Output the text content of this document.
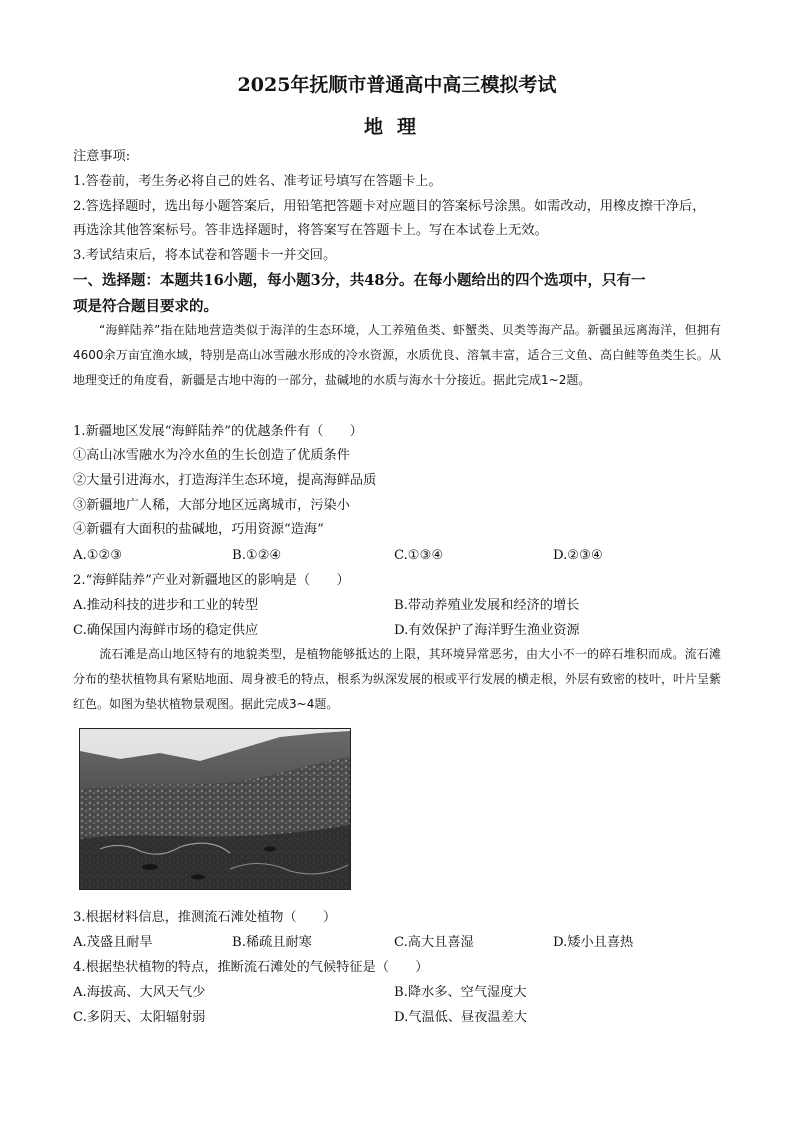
2025年抚顺市普通高中高三模拟考试
地理
注意事项:
1.答卷前，考生务必将自己的姓名、准考证号填写在答题卡上。
2.答选择题时，选出每小题答案后，用铅笔把答题卡对应题目的答案标号涂黑。如需改动，用橡皮擦干净后，
再选涂其他答案标号。答非选择题时，将答案写在答题卡上。写在本试卷上无效。
3.考试结束后，将本试卷和答题卡一并交回。
一、选择题：本题共16小题，每小题3分，共48分。在每小题给出的四个选项中，只有一
项是符合题目要求的。
“海鲜陆养”指在陆地营造类似于海洋的生态环境，人工养殖鱼类、虾蟹类、贝类等海产品。新疆虽远离海洋，但拥有4600余万亩宜渔水域，特别是高山冰雪融水形成的冷水资源，水质优良、溶氧丰富，适合三文鱼、高白鲑等鱼类生长。从地理变迁的角度看，新疆是古地中海的一部分，盐碱地的水质与海水十分接近。据此完成1~2题。
1.新疆地区发展“海鲜陆养”的优越条件有（　　）
①高山冰雪融水为冷水鱼的生长创造了优质条件
②大量引进海水，打造海洋生态环境，提高海鲜品质
③新疆地广人稀，大部分地区远离城市，污染小
④新疆有大面积的盐碱地，巧用资源“造海”
A.①②③	B.①②④	C.①③④	D.②③④
2.“海鲜陆养”产业对新疆地区的影响是（　　）
A.推动科技的进步和工业的转型	B.带动养殖业发展和经济的增长
C.确保国内海鲜市场的稳定供应	D.有效保护了海洋野生渔业资源
流石滩是高山地区特有的地貌类型，是植物能够抵达的上限，其环境异常恶劣，由大小不一的碎石堆积而成。流石滩分布的垫状植物具有紧贴地面、周身被毛的特点，根系为纵深发展的根或平行发展的横走根，外层有致密的枝叶，叶片呈紫红色。如图为垫状植物景观图。据此完成3~4题。
3.根据材料信息，推测流石滩处植物（　　）
A.茂盛且耐旱	B.稀疏且耐寒	C.高大且喜湿	D.矮小且喜热
4.根据垫状植物的特点，推断流石滩处的气候特征是（　　）
A.海拔高、大风天气少	B.降水多、空气湿度大
C.多阴天、太阳辐射弱	D.气温低、昼夜温差大
